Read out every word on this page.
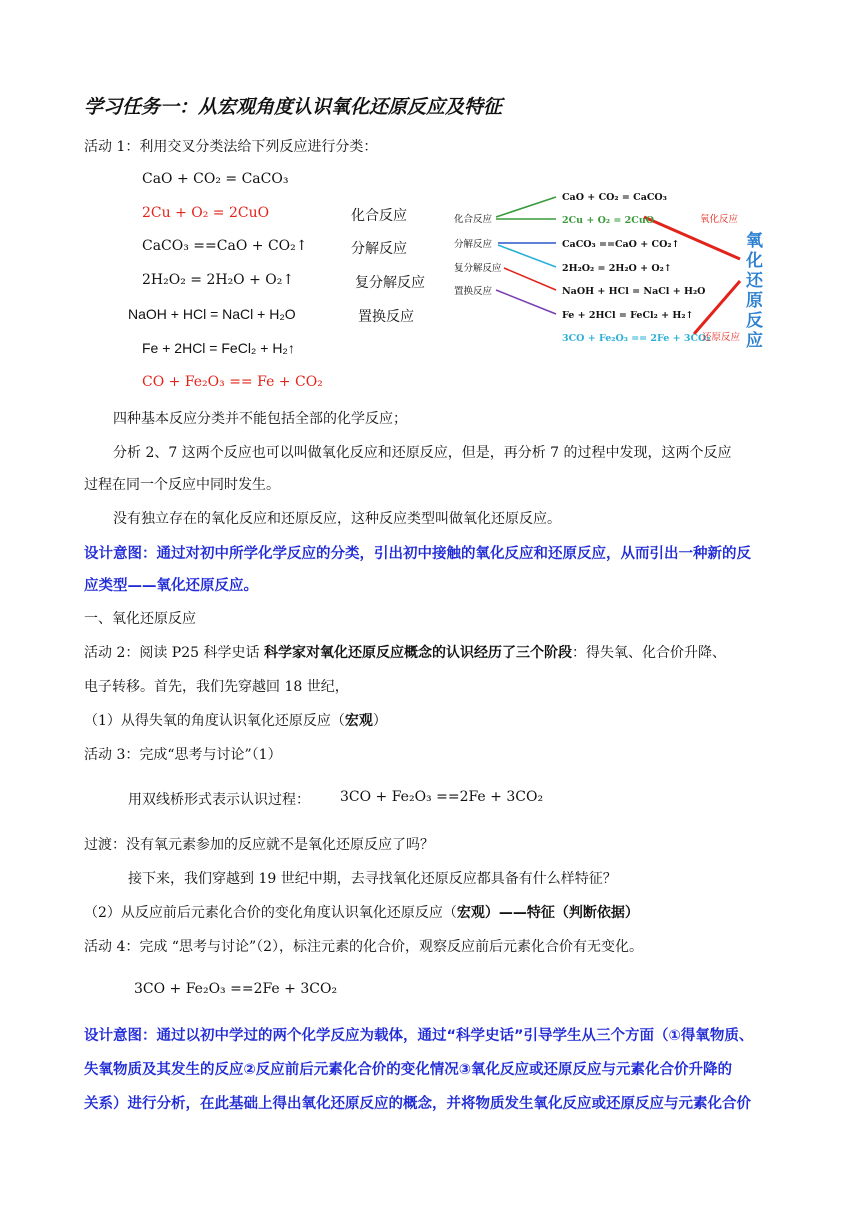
学习任务一：从宏观角度认识氧化还原反应及特征
活动 1：利用交叉分类法给下列反应进行分类：
CaO + CO₂ = CaCO₃
2Cu + O₂ = 2CuO	化合反应
CaCO₃ ==CaO + CO₂↑	分解反应
2H₂O₂ = 2H₂O + O₂↑	复分解反应
NaOH + HCl = NaCl + H₂O	置换反应
Fe + 2HCl = FeCl₂ + H₂↑
CO + Fe₂O₃ == Fe + CO₂
化合反应
分解反应
复分解反应
置换反应
CaO + CO₂ = CaCO₃
2Cu + O₂ = 2CuO
CaCO₃ ==CaO + CO₂↑
2H₂O₂ = 2H₂O + O₂↑
NaOH + HCl = NaCl + H₂O
Fe + 2HCl = FeCl₂ + H₂↑
3CO + Fe₂O₃ == 2Fe + 3CO₂
氧化反应
还原反应
氧
化
还
原
反
应
四种基本反应分类并不能包括全部的化学反应；
分析 2、7 这两个反应也可以叫做氧化反应和还原反应，但是，再分析 7 的过程中发现，这两个反应
过程在同一个反应中同时发生。
没有独立存在的氧化反应和还原反应，这种反应类型叫做氧化还原反应。
设计意图：通过对初中所学化学反应的分类，引出初中接触的氧化反应和还原反应，从而引出一种新的反
应类型——氧化还原反应。
一、氧化还原反应
活动 2：阅读 P25 科学史话 科学家对氧化还原反应概念的认识经历了三个阶段：得失氧、化合价升降、
电子转移。首先，我们先穿越回 18 世纪，
（1）从得失氧的角度认识氧化还原反应（宏观）
活动 3：完成“思考与讨论”（1）
用双线桥形式表示认识过程： 3CO + Fe₂O₃ ==2Fe + 3CO₂
过渡：没有氧元素参加的反应就不是氧化还原反应了吗？
接下来，我们穿越到 19 世纪中期，去寻找氧化还原反应都具备有什么样特征？
（2）从反应前后元素化合价的变化角度认识氧化还原反应（宏观）——特征（判断依据）
活动 4：完成 “思考与讨论”（2），标注元素的化合价，观察反应前后元素化合价有无变化。
3CO + Fe₂O₃ ==2Fe + 3CO₂
设计意图：通过以初中学过的两个化学反应为载体，通过“科学史话”引导学生从三个方面（①得氧物质、
失氧物质及其发生的反应②反应前后元素化合价的变化情况③氧化反应或还原反应与元素化合价升降的
关系）进行分析，在此基础上得出氧化还原反应的概念，并将物质发生氧化反应或还原反应与元素化合价
